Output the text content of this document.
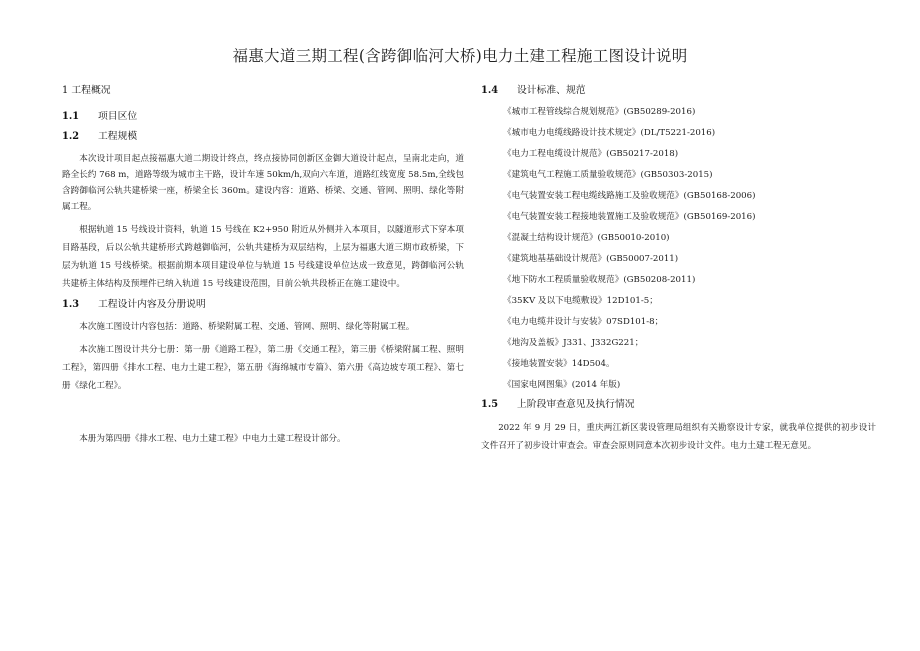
福惠大道三期工程(含跨御临河大桥)电力土建工程施工图设计说明
1 工程概况
1.1	项目区位
1.2	工程规模
本次设计项目起点接福惠大道二期设计终点，终点接协同创新区金御大道设计起点，呈南北走向，道路全长约 768 m，道路等级为城市主干路，设计车速 50km/h,双向六车道，道路红线宽度 58.5m,全线包含跨御临河公轨共建桥梁一座，桥梁全长 360m。建设内容：道路、桥梁、交通、管网、照明、绿化等附属工程。
根据轨道 15 号线设计资料，轨道 15 号线在 K2+950 附近从外侧并入本项目，以隧道形式下穿本项目路基段，后以公轨共建桥形式跨越御临河，公轨共建桥为双层结构，上层为福惠大道三期市政桥梁，下层为轨道 15 号线桥梁。根据前期本项目建设单位与轨道 15 号线建设单位达成一致意见，跨御临河公轨共建桥主体结构及预埋件已纳入轨道 15 号线建设范围，目前公轨共段桥正在施工建设中。
1.3	工程设计内容及分册说明
本次施工图设计内容包括：道路、桥梁附属工程、交通、管网、照明、绿化等附属工程。
本次施工图设计共分七册：第一册《道路工程》，第二册《交通工程》，第三册《桥梁附属工程、照明工程》，第四册《排水工程、电力土建工程》，第五册《海绵城市专篇》、第六册《高边坡专项工程》、第七册《绿化工程》。
本册为第四册《排水工程、电力土建工程》中电力土建工程设计部分。
1.4	设计标准、规范
《城市工程管线综合规划规范》(GB50289-2016)
《城市电力电缆线路设计技术规定》(DL/T5221-2016)
《电力工程电缆设计规范》(GB50217-2018)
《建筑电气工程施工质量验收规范》(GB50303-2015)
《电气装置安装工程电缆线路施工及验收规范》(GB50168-2006)
《电气装置安装工程接地装置施工及验收规范》(GB50169-2016)
《混凝土结构设计规范》(GB50010-2010)
《建筑地基基础设计规范》(GB50007-2011)
《地下防水工程质量验收规范》(GB50208-2011)
《35KV 及以下电缆敷设》12D101-5；
《电力电缆井设计与安装》07SD101-8；
《地沟及盖板》J331、J332G221；
《接地装置安装》14D504。
《国家电网图集》(2014 年版)
1.5	上阶段审查意见及执行情况
2022 年 9 月 29 日，重庆两江新区裴设管理局组织有关勘察设计专家，就我单位提供的初步设计文件召开了初步设计审查会。审查会原则同意本次初步设计文件。电力土建工程无意见。
